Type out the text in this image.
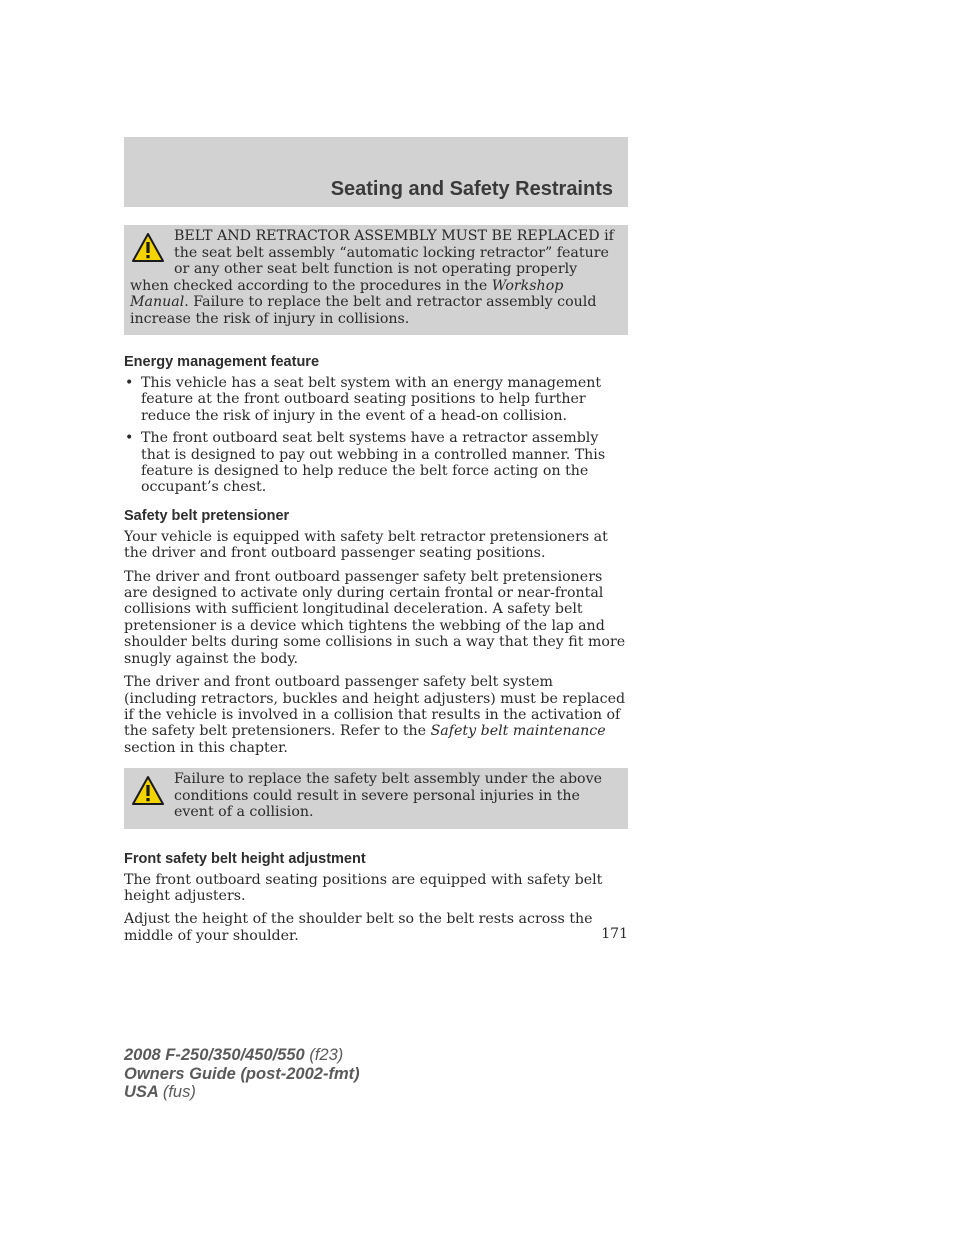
Seating and Safety Restraints

BELT AND RETRACTOR ASSEMBLY MUST BE REPLACED if the seat belt assembly “automatic locking retractor” feature or any other seat belt function is not operating properly when checked according to the procedures in the Workshop Manual. Failure to replace the belt and retractor assembly could increase the risk of injury in collisions.

Energy management feature
• This vehicle has a seat belt system with an energy management feature at the front outboard seating positions to help further reduce the risk of injury in the event of a head-on collision.
• The front outboard seat belt systems have a retractor assembly that is designed to pay out webbing in a controlled manner. This feature is designed to help reduce the belt force acting on the occupant’s chest.
Safety belt pretensioner

Your vehicle is equipped with safety belt retractor pretensioners at the driver and front outboard passenger seating positions.

The driver and front outboard passenger safety belt pretensioners are designed to activate only during certain frontal or near-frontal collisions with sufficient longitudinal deceleration. A safety belt pretensioner is a device which tightens the webbing of the lap and shoulder belts during some collisions in such a way that they fit more snugly against the body.

The driver and front outboard passenger safety belt system (including retractors, buckles and height adjusters) must be replaced if the vehicle is involved in a collision that results in the activation of the safety belt pretensioners. Refer to the Safety belt maintenance section in this chapter.

Failure to replace the safety belt assembly under the above conditions could result in severe personal injuries in the event of a collision.

Front safety belt height adjustment

The front outboard seating positions are equipped with safety belt height adjusters.

Adjust the height of the shoulder belt so the belt rests across the middle of your shoulder.	171

2008 F-250/350/450/550 (f23)
Owners Guide (post-2002-fmt)
USA (fus)
